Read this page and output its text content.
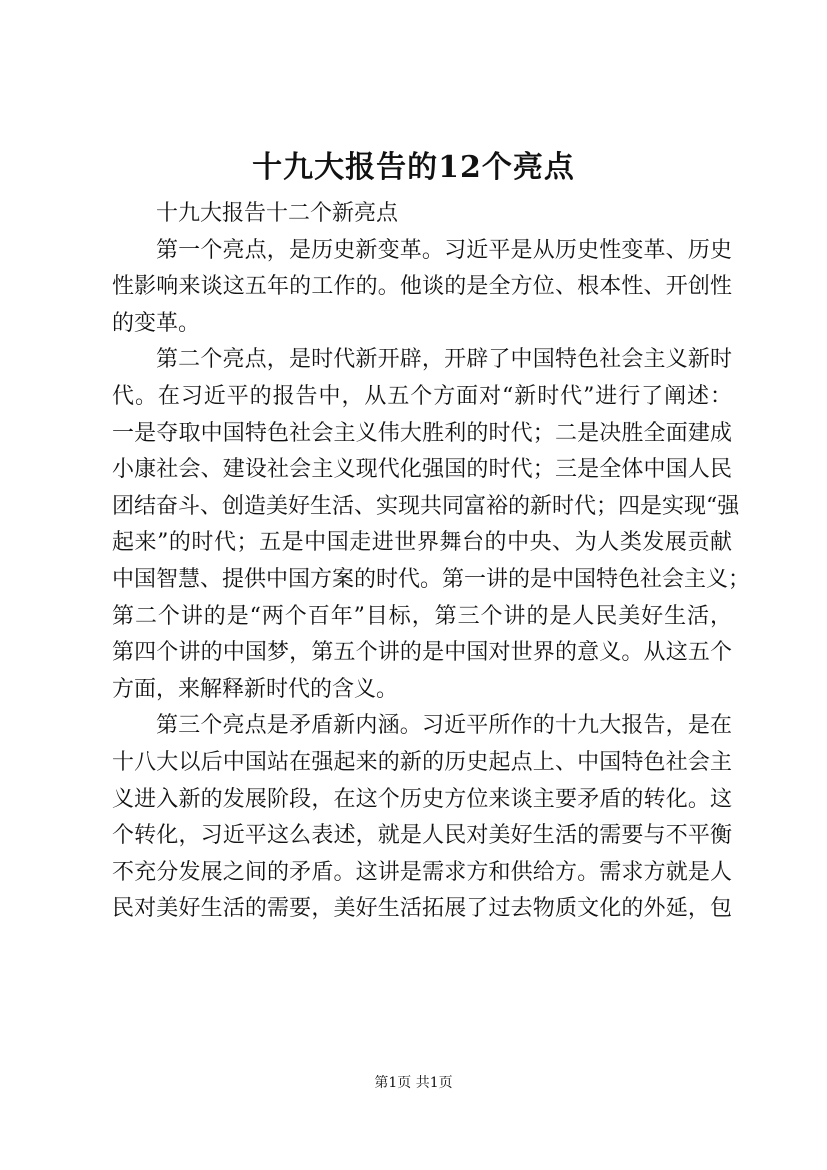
十九大报告的12个亮点
十九大报告十二个新亮点
第一个亮点，是历史新变革。习近平是从历史性变革、历史
性影响来谈这五年的工作的。他谈的是全方位、根本性、开创性
的变革。
第二个亮点，是时代新开辟，开辟了中国特色社会主义新时
代。在习近平的报告中，从五个方面对“新时代”进行了阐述：
一是夺取中国特色社会主义伟大胜利的时代；二是决胜全面建成
小康社会、建设社会主义现代化强国的时代；三是全体中国人民
团结奋斗、创造美好生活、实现共同富裕的新时代；四是实现“强
起来”的时代；五是中国走进世界舞台的中央、为人类发展贡献
中国智慧、提供中国方案的时代。第一讲的是中国特色社会主义；
第二个讲的是“两个百年”目标，第三个讲的是人民美好生活，
第四个讲的中国梦，第五个讲的是中国对世界的意义。从这五个
方面，来解释新时代的含义。
第三个亮点是矛盾新内涵。习近平所作的十九大报告，是在
十八大以后中国站在强起来的新的历史起点上、中国特色社会主
义进入新的发展阶段，在这个历史方位来谈主要矛盾的转化。这
个转化，习近平这么表述，就是人民对美好生活的需要与不平衡
不充分发展之间的矛盾。这讲是需求方和供给方。需求方就是人
民对美好生活的需要，美好生活拓展了过去物质文化的外延，包
第1页 共1页
